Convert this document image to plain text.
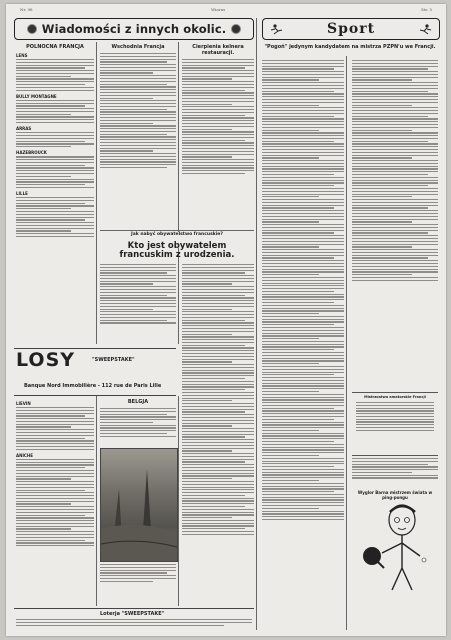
Nr. 98	Wiarus	Str. 5
Wiadomości z innych okolic.	Sport
POLNOCNA FRANCJA
LENS
BULLY MONTAGNE
ARRAS
HAZEBROUCK
LILLE
Wschodnia Francja	Cierpienia kelnera restauracji.
Jak nabyć obywatelstwo francuskie?
Kto jest obywatelem francuskim z urodzenia.
LOSY	"SWEEPSTAKE"
Banque Nord Immobilière - 112 rue de Paris Lille
LIEVIN
ANICHE
BELGJA
Loterja "SWEEPSTAKE"
"Pogoń" jedynym kandydatem na mistrza PZPN'u we Francji.
Mistrzostwa amatorskie Francji
Wyglor Barna mistrzem świata w ping-pongu
